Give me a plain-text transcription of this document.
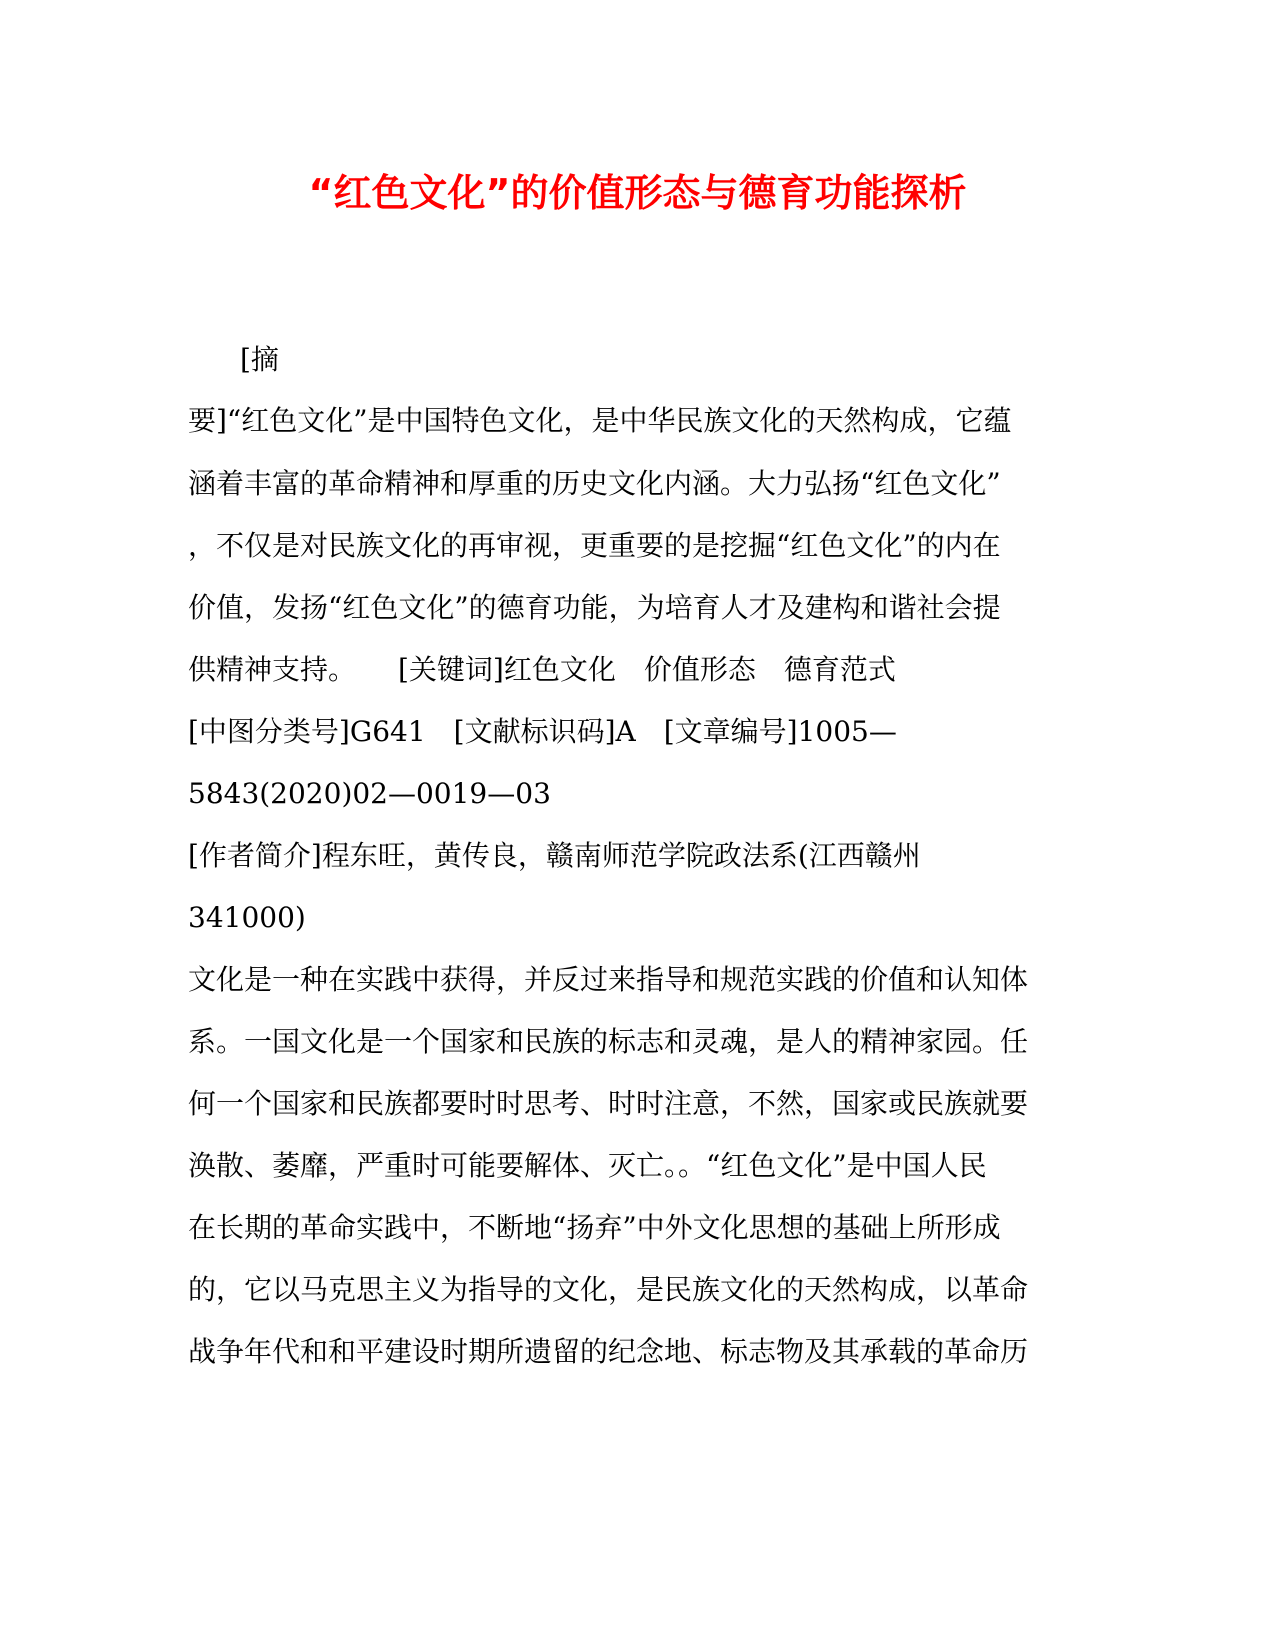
“红色文化”的价值形态与德育功能探析

[摘

要]“红色文化”是中国特色文化，是中华民族文化的天然构成，它蕴

涵着丰富的革命精神和厚重的历史文化内涵。大力弘扬“红色文化”

，不仅是对民族文化的再审视，更重要的是挖掘“红色文化”的内在

价值，发扬“红色文化”的德育功能，为培育人才及建构和谐社会提

供精神支持。　　[关键词]红色文化　价值形态　德育范式

[中图分类号]G641　[文献标识码]A　[文章编号]1005—

5843(2020)02—0019—03

[作者简介]程东旺，黄传良，赣南师范学院政法系(江西赣州

341000)

文化是一种在实践中获得，并反过来指导和规范实践的价值和认知体

系。一国文化是一个国家和民族的标志和灵魂，是人的精神家园。任

何一个国家和民族都要时时思考、时时注意，不然，国家或民族就要

涣散、萎靡，严重时可能要解体、灭亡。。“红色文化”是中国人民

在长期的革命实践中，不断地“扬弃”中外文化思想的基础上所形成

的，它以马克思主义为指导的文化，是民族文化的天然构成，以革命

战争年代和和平建设时期所遗留的纪念地、标志物及其承载的革命历
